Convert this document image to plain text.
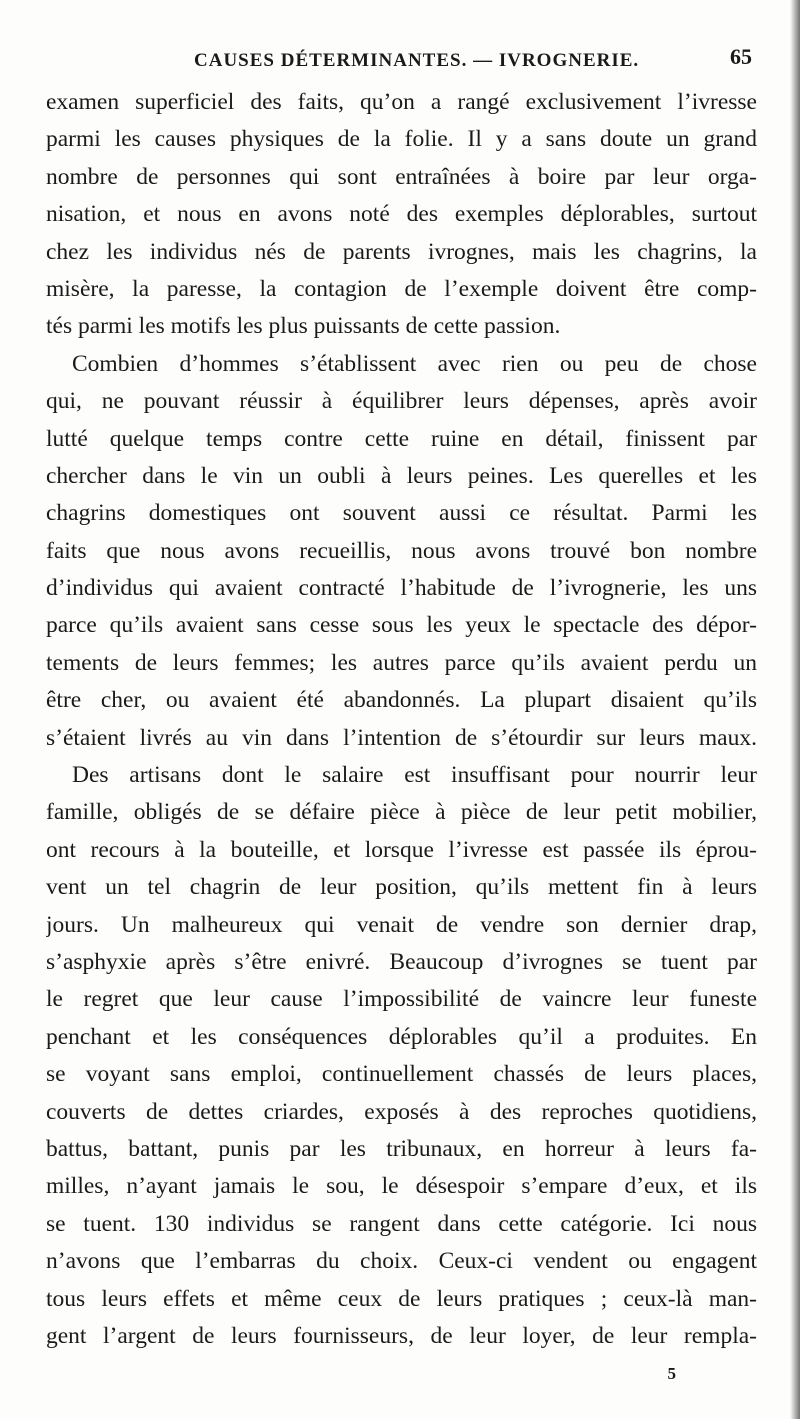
CAUSES DÉTERMINANTES. — IVROGNERIE.	65
examen superficiel des faits, qu’on a rangé exclusivement l’ivresse
parmi les causes physiques de la folie. Il y a sans doute un grand
nombre de personnes qui sont entraînées à boire par leur orga-
nisation, et nous en avons noté des exemples déplorables, surtout
chez les individus nés de parents ivrognes, mais les chagrins, la
misère, la paresse, la contagion de l’exemple doivent être comp-
tés parmi les motifs les plus puissants de cette passion.
Combien d’hommes s’établissent avec rien ou peu de chose
qui, ne pouvant réussir à équilibrer leurs dépenses, après avoir
lutté quelque temps contre cette ruine en détail, finissent par
chercher dans le vin un oubli à leurs peines. Les querelles et les
chagrins domestiques ont souvent aussi ce résultat. Parmi les
faits que nous avons recueillis, nous avons trouvé bon nombre
d’individus qui avaient contracté l’habitude de l’ivrognerie, les uns
parce qu’ils avaient sans cesse sous les yeux le spectacle des dépor-
tements de leurs femmes; les autres parce qu’ils avaient perdu un
être cher, ou avaient été abandonnés. La plupart disaient qu’ils
s’étaient livrés au vin dans l’intention de s’étourdir sur leurs maux.
Des artisans dont le salaire est insuffisant pour nourrir leur
famille, obligés de se défaire pièce à pièce de leur petit mobilier,
ont recours à la bouteille, et lorsque l’ivresse est passée ils éprou-
vent un tel chagrin de leur position, qu’ils mettent fin à leurs
jours. Un malheureux qui venait de vendre son dernier drap,
s’asphyxie après s’être enivré. Beaucoup d’ivrognes se tuent par
le regret que leur cause l’impossibilité de vaincre leur funeste
penchant et les conséquences déplorables qu’il a produites. En
se voyant sans emploi, continuellement chassés de leurs places,
couverts de dettes criardes, exposés à des reproches quotidiens,
battus, battant, punis par les tribunaux, en horreur à leurs fa-
milles, n’ayant jamais le sou, le désespoir s’empare d’eux, et ils
se tuent. 130 individus se rangent dans cette catégorie. Ici nous
n’avons que l’embarras du choix. Ceux-ci vendent ou engagent
tous leurs effets et même ceux de leurs pratiques ; ceux-là man-
gent l’argent de leurs fournisseurs, de leur loyer, de leur rempla-
5
